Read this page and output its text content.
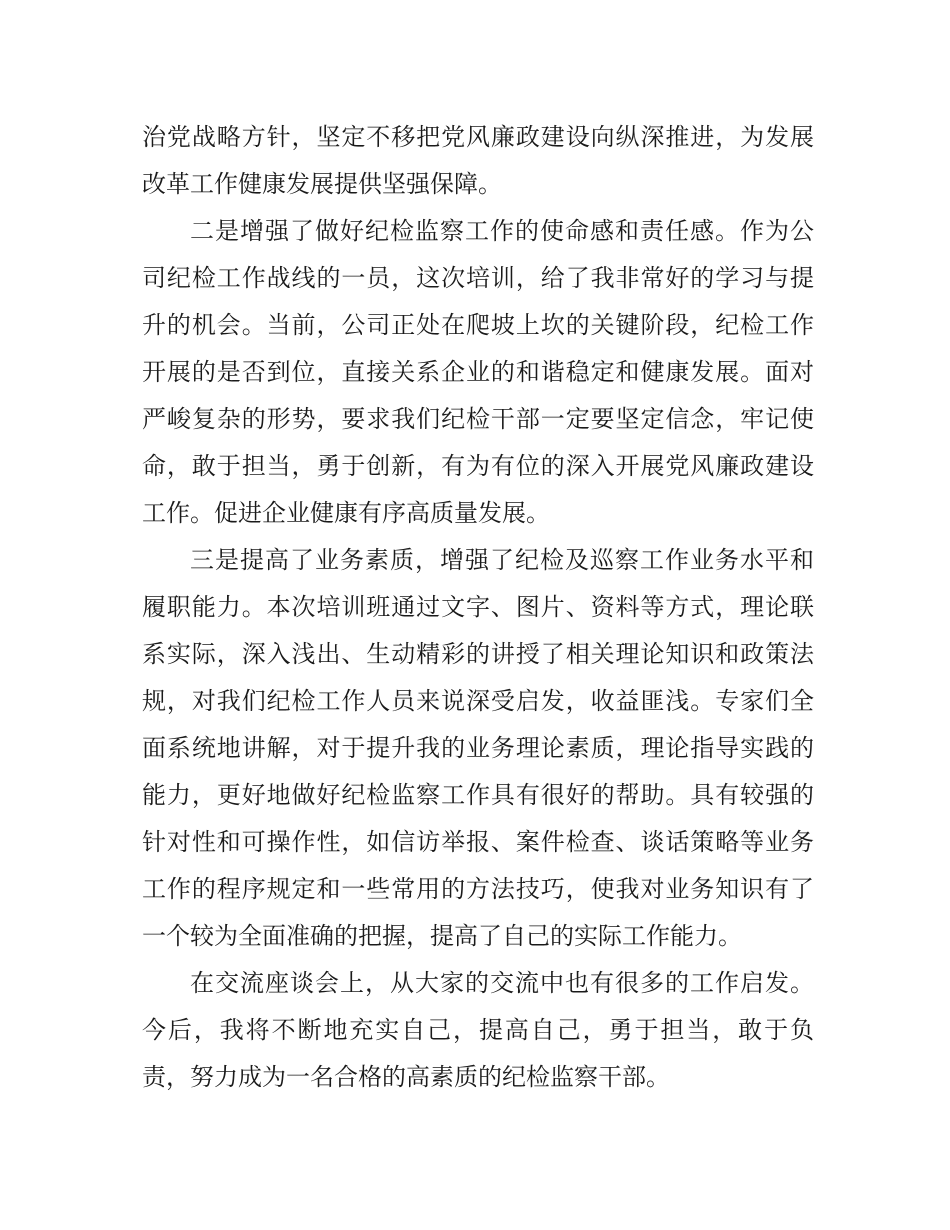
治党战略方针，坚定不移把党风廉政建设向纵深推进，为发展
改革工作健康发展提供坚强保障。
二是增强了做好纪检监察工作的使命感和责任感。作为公
司纪检工作战线的一员，这次培训，给了我非常好的学习与提
升的机会。当前，公司正处在爬坡上坎的关键阶段，纪检工作
开展的是否到位，直接关系企业的和谐稳定和健康发展。面对
严峻复杂的形势，要求我们纪检干部一定要坚定信念，牢记使
命，敢于担当，勇于创新，有为有位的深入开展党风廉政建设
工作。促进企业健康有序高质量发展。
三是提高了业务素质，增强了纪检及巡察工作业务水平和
履职能力。本次培训班通过文字、图片、资料等方式，理论联
系实际，深入浅出、生动精彩的讲授了相关理论知识和政策法
规，对我们纪检工作人员来说深受启发，收益匪浅。专家们全
面系统地讲解，对于提升我的业务理论素质，理论指导实践的
能力，更好地做好纪检监察工作具有很好的帮助。具有较强的
针对性和可操作性，如信访举报、案件检查、谈话策略等业务
工作的程序规定和一些常用的方法技巧，使我对业务知识有了
一个较为全面准确的把握，提高了自己的实际工作能力。
在交流座谈会上，从大家的交流中也有很多的工作启发。
今后，我将不断地充实自己，提高自己，勇于担当，敢于负
责，努力成为一名合格的高素质的纪检监察干部。
